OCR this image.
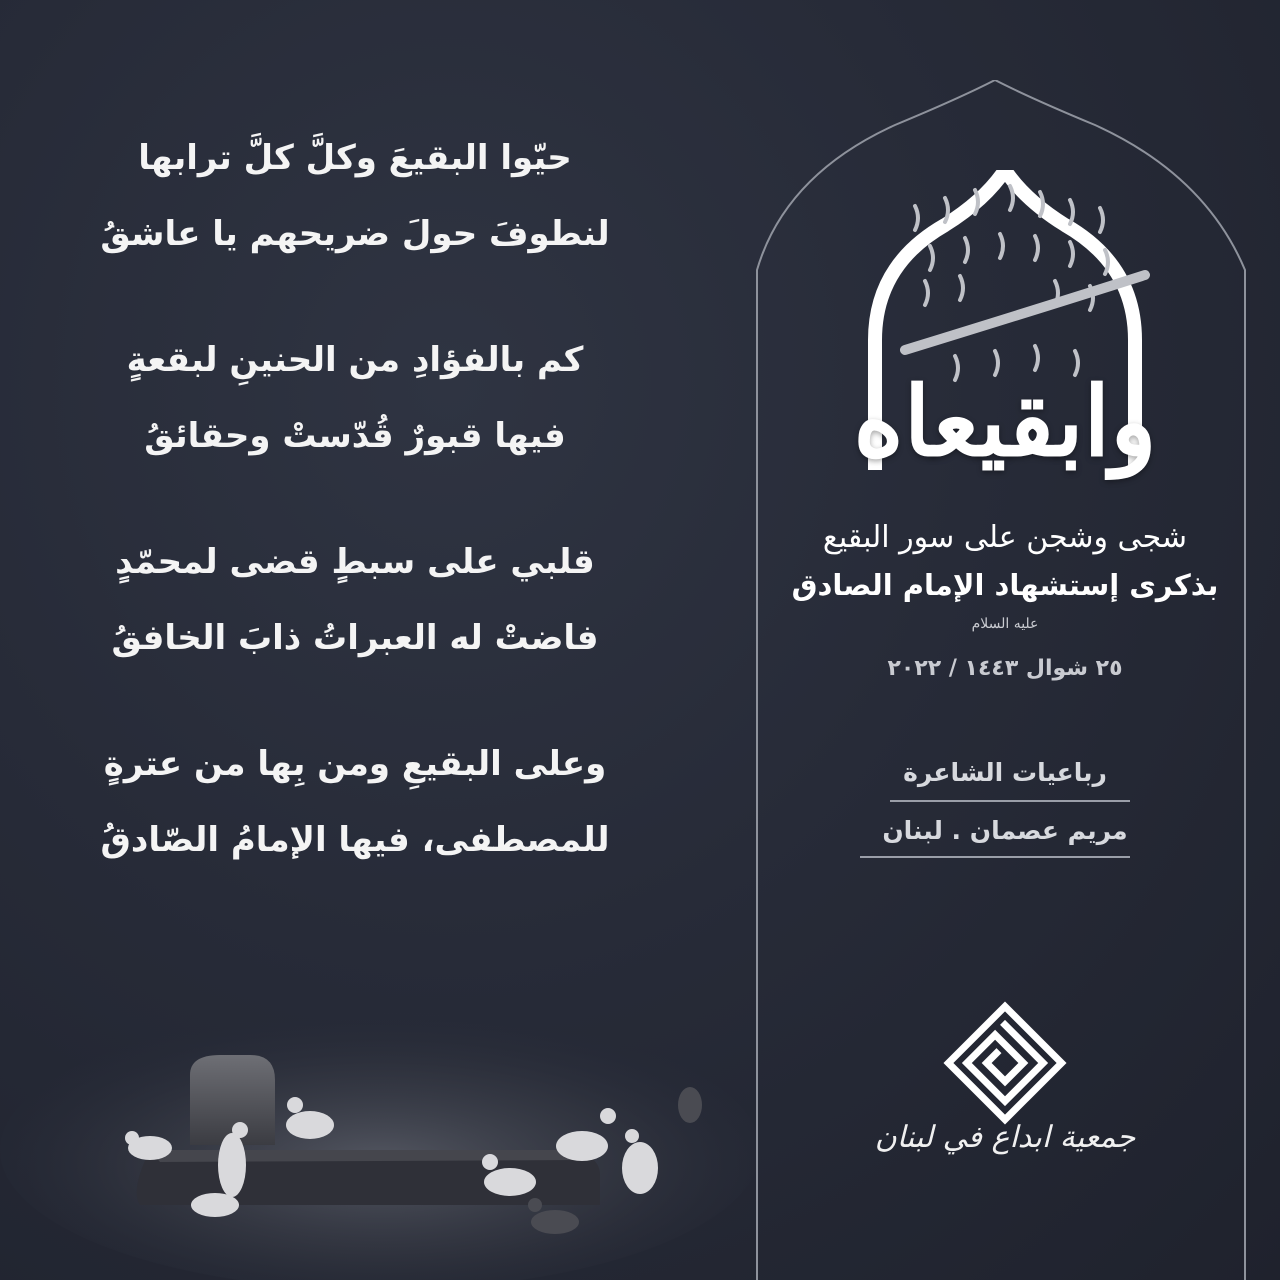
حيّوا البقيعَ وكلَّ كلَّ ترابها
لنطوفَ حولَ ضريحهم يا عاشقُ
كم بالفؤادِ من الحنينِ لبقعةٍ
فيها قبورٌ قُدّستْ وحقائقُ
قلبي على سبطٍ قضى لمحمّدٍ
فاضتْ له العبراتُ ذابَ الخافقُ
وعلى البقيعِ ومن بِها من عترةٍ
للمصطفى، فيها الإمامُ الصّادقُ
وابقيعاه
شجى وشجن على سور البقيع
بذكرى إستشهاد الإمام الصادق
عليه السلام
٢٥ شوال ١٤٤٣ / ٢٠٢٢
رباعيات الشاعرة
مريم عصمان . لبنان
جمعية ابداع في لبنان
